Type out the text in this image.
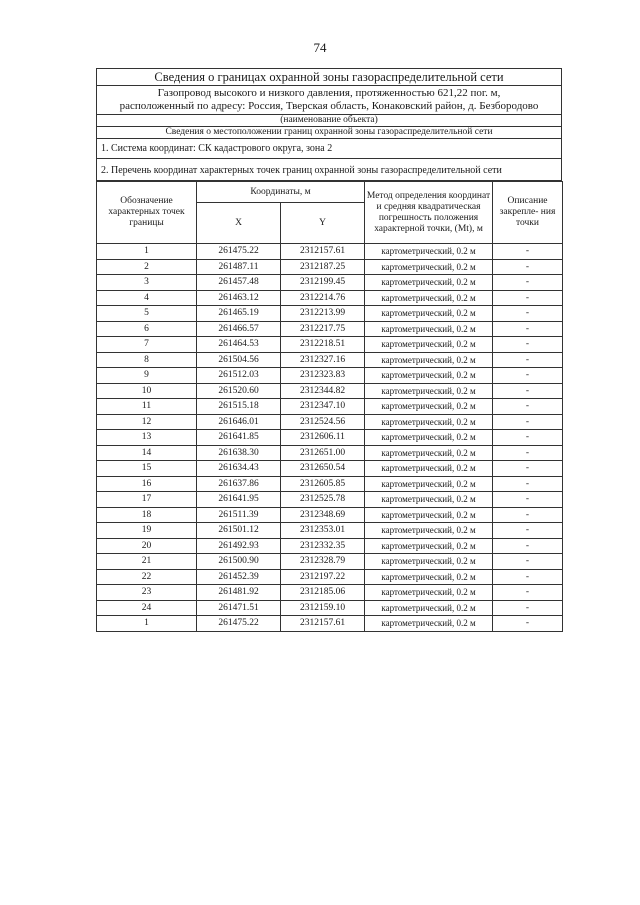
74
Сведения о границах охранной зоны газораспределительной сети
Газопровод высокого и низкого давления, протяженностью 621,22 пог. м,
расположенный по адресу: Россия, Тверская область, Конаковский район, д. Безбородово
(наименование объекта)
Сведения о местоположении границ охранной зоны газораспределительной сети
1. Система координат: СК кадастрового округа, зона 2
2. Перечень координат характерных точек границ охранной зоны газораспределительной сети
Обозначение характерных точек границы	Координаты, м		Метод определения координат и средняя квадратическая погрешность положения характерной точки, (Mt), м	Описание закрепле- ния точки
	X	Y		
1	261475.22	2312157.61	картометрический, 0.2 м	-
2	261487.11	2312187.25	картометрический, 0.2 м	-
3	261457.48	2312199.45	картометрический, 0.2 м	-
4	261463.12	2312214.76	картометрический, 0.2 м	-
5	261465.19	2312213.99	картометрический, 0.2 м	-
6	261466.57	2312217.75	картометрический, 0.2 м	-
7	261464.53	2312218.51	картометрический, 0.2 м	-
8	261504.56	2312327.16	картометрический, 0.2 м	-
9	261512.03	2312323.83	картометрический, 0.2 м	-
10	261520.60	2312344.82	картометрический, 0.2 м	-
11	261515.18	2312347.10	картометрический, 0.2 м	-
12	261646.01	2312524.56	картометрический, 0.2 м	-
13	261641.85	2312606.11	картометрический, 0.2 м	-
14	261638.30	2312651.00	картометрический, 0.2 м	-
15	261634.43	2312650.54	картометрический, 0.2 м	-
16	261637.86	2312605.85	картометрический, 0.2 м	-
17	261641.95	2312525.78	картометрический, 0.2 м	-
18	261511.39	2312348.69	картометрический, 0.2 м	-
19	261501.12	2312353.01	картометрический, 0.2 м	-
20	261492.93	2312332.35	картометрический, 0.2 м	-
21	261500.90	2312328.79	картометрический, 0.2 м	-
22	261452.39	2312197.22	картометрический, 0.2 м	-
23	261481.92	2312185.06	картометрический, 0.2 м	-
24	261471.51	2312159.10	картометрический, 0.2 м	-
1	261475.22	2312157.61	картометрический, 0.2 м	-
